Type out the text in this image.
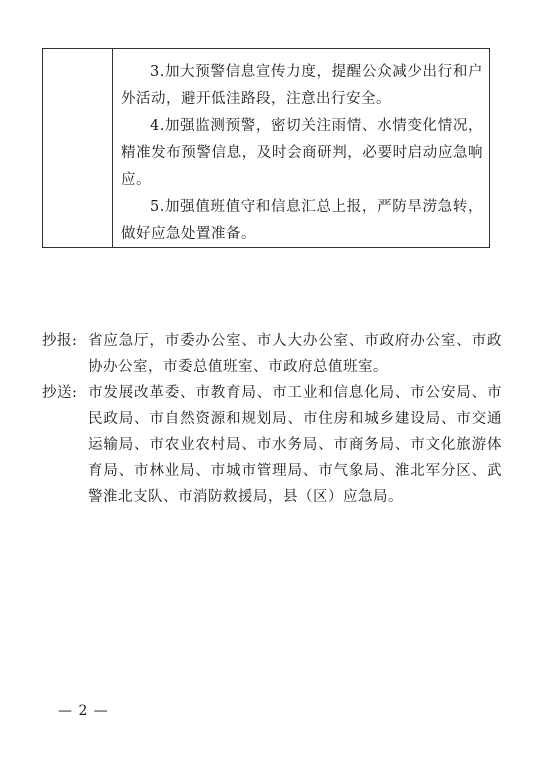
3.加大预警信息宣传力度，提醒公众减少出行和户外活动，避开低洼路段，注意出行安全。

4.加强监测预警，密切关注雨情、水情变化情况，精准发布预警信息，及时会商研判，必要时启动应急响应。

5.加强值班值守和信息汇总上报，严防旱涝急转，做好应急处置准备。

抄报: 省应急厅，市委办公室、市人大办公室、市政府办公室、市政协办公室，市委总值班室、市政府总值班室。
抄送: 市发展改革委、市教育局、市工业和信息化局、市公安局、市民政局、市自然资源和规划局、市住房和城乡建设局、市交通运输局、市农业农村局、市水务局、市商务局、市文化旅游体育局、市林业局、市城市管理局、市气象局、淮北军分区、武警淮北支队、市消防救援局，县（区）应急局。
— 2 —
